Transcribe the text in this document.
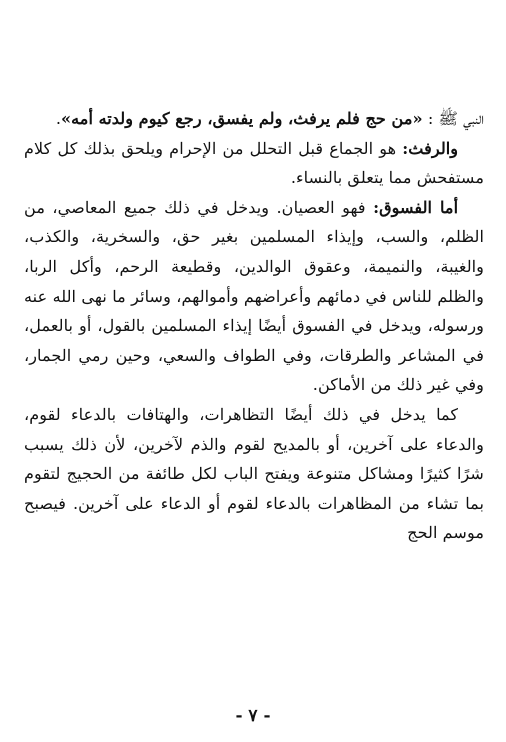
النبي ﷺ : «من حج فلم يرفث، ولم يفسق، رجع كيوم ولدته أمه».

والرفث: هو الجماع قبل التحلل من الإحرام ويلحق بذلك كل كلام مستفحش مما يتعلق بالنساء.

أما الفسوق: فهو العصيان. ويدخل في ذلك جميع المعاصي، من الظلم، والسب، وإيذاء المسلمين بغير حق، والسخرية، والكذب، والغيبة، والنميمة، وعقوق الوالدين، وقطيعة الرحم، وأكل الربا، والظلم للناس في دمائهم وأعراضهم وأموالهم، وسائر ما نهى الله عنه ورسوله، ويدخل في الفسوق أيضًا إيذاء المسلمين بالقول، أو بالعمل، في المشاعر والطرقات، وفي الطواف والسعي، وحين رمي الجمار، وفي غير ذلك من الأماكن.

كما يدخل في ذلك أيضًا التظاهرات، والهتافات بالدعاء لقوم، والدعاء على آخرين، أو بالمديح لقوم والذم لآخرين، لأن ذلك يسبب شرًا كثيرًا ومشاكل متنوعة ويفتح الباب لكل طائفة من الحجيج لتقوم بما تشاء من المظاهرات بالدعاء لقوم أو الدعاء على آخرين. فيصبح موسم الحج

- ٧ -
